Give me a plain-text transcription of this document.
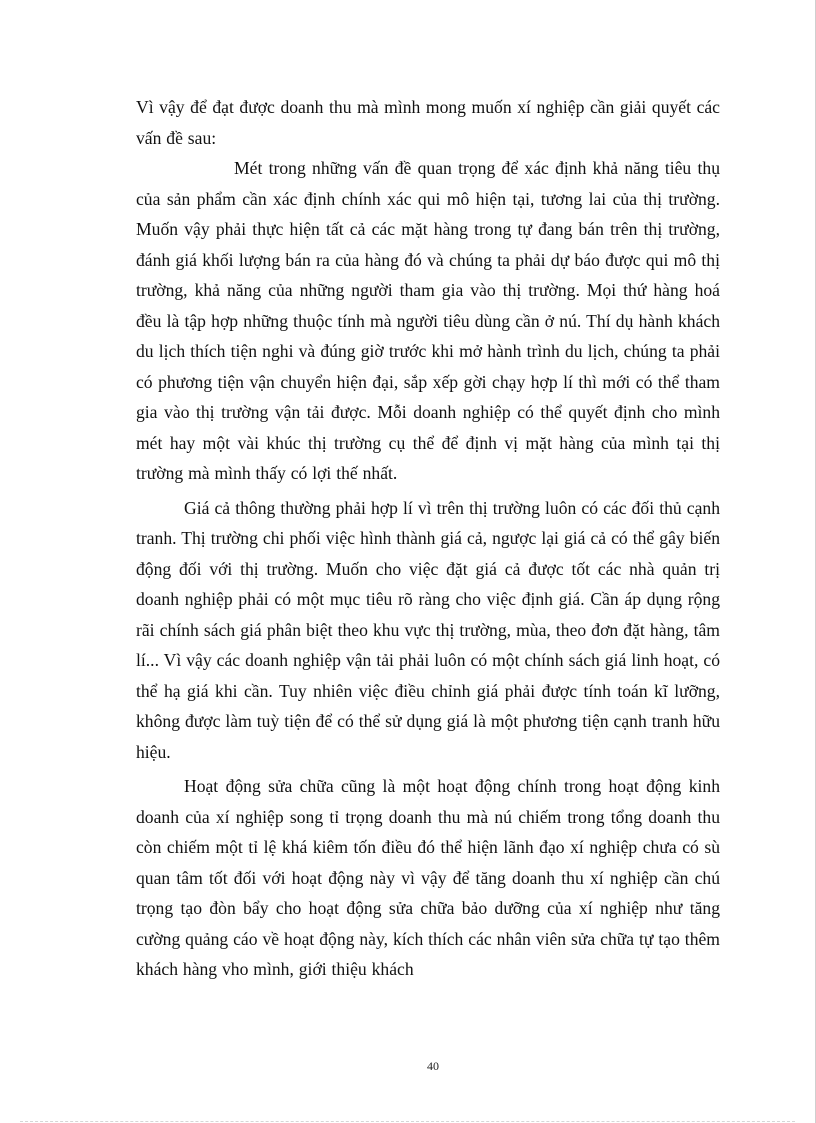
Vì vậy để đạt được doanh thu mà mình mong muốn xí nghiệp cần giải quyết các vấn đề sau:

Mét trong những vấn đề quan trọng để xác định khả năng tiêu thụ của sản phẩm cần xác định chính xác qui mô hiện tại, tương lai của thị trường. Muốn vậy phải thực hiện tất cả các mặt hàng trong tự đang bán trên thị trường, đánh giá khối lượng bán ra của hàng đó và chúng ta phải dự báo được qui mô thị trường, khả năng của những người tham gia vào thị trường. Mọi thứ hàng hoá đều là tập hợp những thuộc tính mà người tiêu dùng cần ở nú. Thí dụ hành khách du lịch thích tiện nghi và đúng giờ trước khi mở hành trình du lịch, chúng ta phải có phương tiện vận chuyển hiện đại, sắp xếp gời chạy hợp lí thì mới có thể tham gia vào thị trường vận tải được. Mỗi doanh nghiệp có thể quyết định cho mình mét hay một vài khúc thị trường cụ thể để định vị mặt hàng của mình tại thị trường mà mình thấy có lợi thế nhất.

Giá cả thông thường phải hợp lí vì trên thị trường luôn có các đối thủ cạnh tranh. Thị trường chi phối việc hình thành giá cả, ngược lại giá cả có thể gây biến động đối với thị trường. Muốn cho việc đặt giá cả được tốt các nhà quản trị doanh nghiệp phải có một mục tiêu rõ ràng cho việc định giá. Cần áp dụng rộng rãi chính sách giá phân biệt theo khu vực thị trường, mùa, theo đơn đặt hàng, tâm lí... Vì vậy các doanh nghiệp vận tải phải luôn có một chính sách giá linh hoạt, có thể hạ giá khi cần. Tuy nhiên việc điều chỉnh giá phải được tính toán kĩ lưỡng, không được làm tuỳ tiện để có thể sử dụng giá là một phương tiện cạnh tranh hữu hiệu.

Hoạt động sửa chữa cũng là một hoạt động chính trong hoạt động kinh doanh của xí nghiệp song tỉ trọng doanh thu mà nú chiếm trong tổng doanh thu còn chiếm một tỉ lệ khá kiêm tốn điều đó thể hiện lãnh đạo xí nghiệp chưa có sù quan tâm tốt đối với hoạt động này vì vậy để tăng doanh thu xí nghiệp cần chú trọng tạo đòn bẩy cho hoạt động sửa chữa bảo dưỡng của xí nghiệp như tăng cường quảng cáo về hoạt động này, kích thích các nhân viên sửa chữa tự tạo thêm khách hàng vho mình, giới thiệu khách

40
